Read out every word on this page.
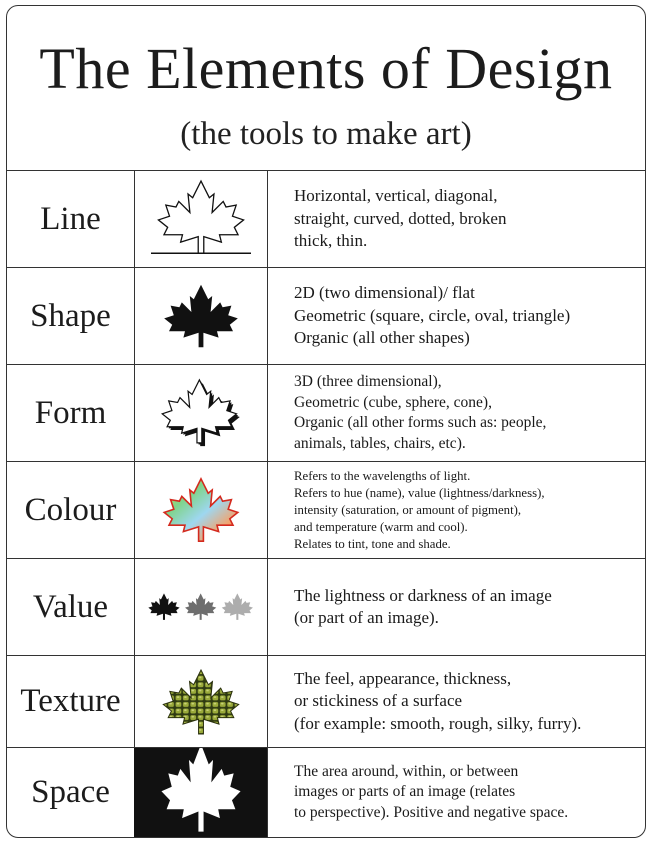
The Elements of Design
(the tools to make art)
Line
Horizontal, vertical, diagonal,
straight, curved, dotted, broken
thick, thin.
Shape
2D (two dimensional)/ flat
Geometric (square, circle, oval, triangle)
Organic (all other shapes)
Form
3D (three dimensional),
Geometric (cube, sphere, cone),
Organic (all other forms such as: people,
animals, tables, chairs, etc).
Colour
Refers to the wavelengths of light.
Refers to hue (name), value (lightness/darkness),
intensity (saturation, or amount of pigment),
and temperature (warm and cool).
Relates to tint, tone and shade.
Value	The lightness or darkness of an image
(or part of an image).
Texture
The feel, appearance, thickness,
or stickiness of a surface
(for example: smooth, rough, silky, furry).
Space
The area around, within, or between
images or parts of an image (relates
to perspective). Positive and negative space.
